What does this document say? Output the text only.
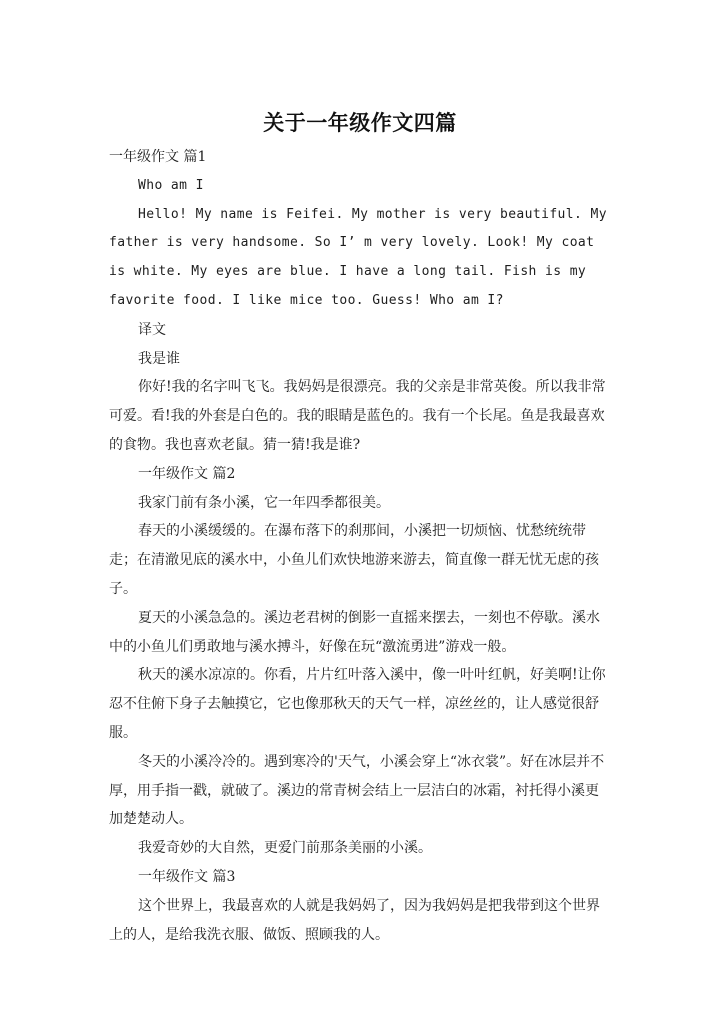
关于一年级作文四篇

一年级作文 篇1

Who am I

Hello! My name is Feifei. My mother is very beautiful. My father is very handsome. So I’ m very lovely. Look! My coat is white. My eyes are blue. I have a long tail. Fish is my favorite food. I like mice too. Guess! Who am I?

译文

我是谁

你好!我的名字叫飞飞。我妈妈是很漂亮。我的父亲是非常英俊。所以我非常可爱。看!我的外套是白色的。我的眼睛是蓝色的。我有一个长尾。鱼是我最喜欢的食物。我也喜欢老鼠。猜一猜!我是谁?

一年级作文 篇2

我家门前有条小溪，它一年四季都很美。

春天的小溪缓缓的。在瀑布落下的刹那间，小溪把一切烦恼、忧愁统统带走；在清澈见底的溪水中，小鱼儿们欢快地游来游去，简直像一群无忧无虑的孩子。

夏天的小溪急急的。溪边老君树的倒影一直摇来摆去，一刻也不停歇。溪水中的小鱼儿们勇敢地与溪水搏斗，好像在玩“激流勇进”游戏一般。

秋天的溪水凉凉的。你看，片片红叶落入溪中，像一叶叶红帆，好美啊!让你忍不住俯下身子去触摸它，它也像那秋天的天气一样，凉丝丝的，让人感觉很舒服。

冬天的小溪冷冷的。遇到寒冷的'天气，小溪会穿上“冰衣裳”。好在冰层并不厚，用手指一戳，就破了。溪边的常青树会结上一层洁白的冰霜，衬托得小溪更加楚楚动人。

我爱奇妙的大自然，更爱门前那条美丽的小溪。

一年级作文 篇3

这个世界上，我最喜欢的人就是我妈妈了，因为我妈妈是把我带到这个世界上的人，是给我洗衣服、做饭、照顾我的人。
